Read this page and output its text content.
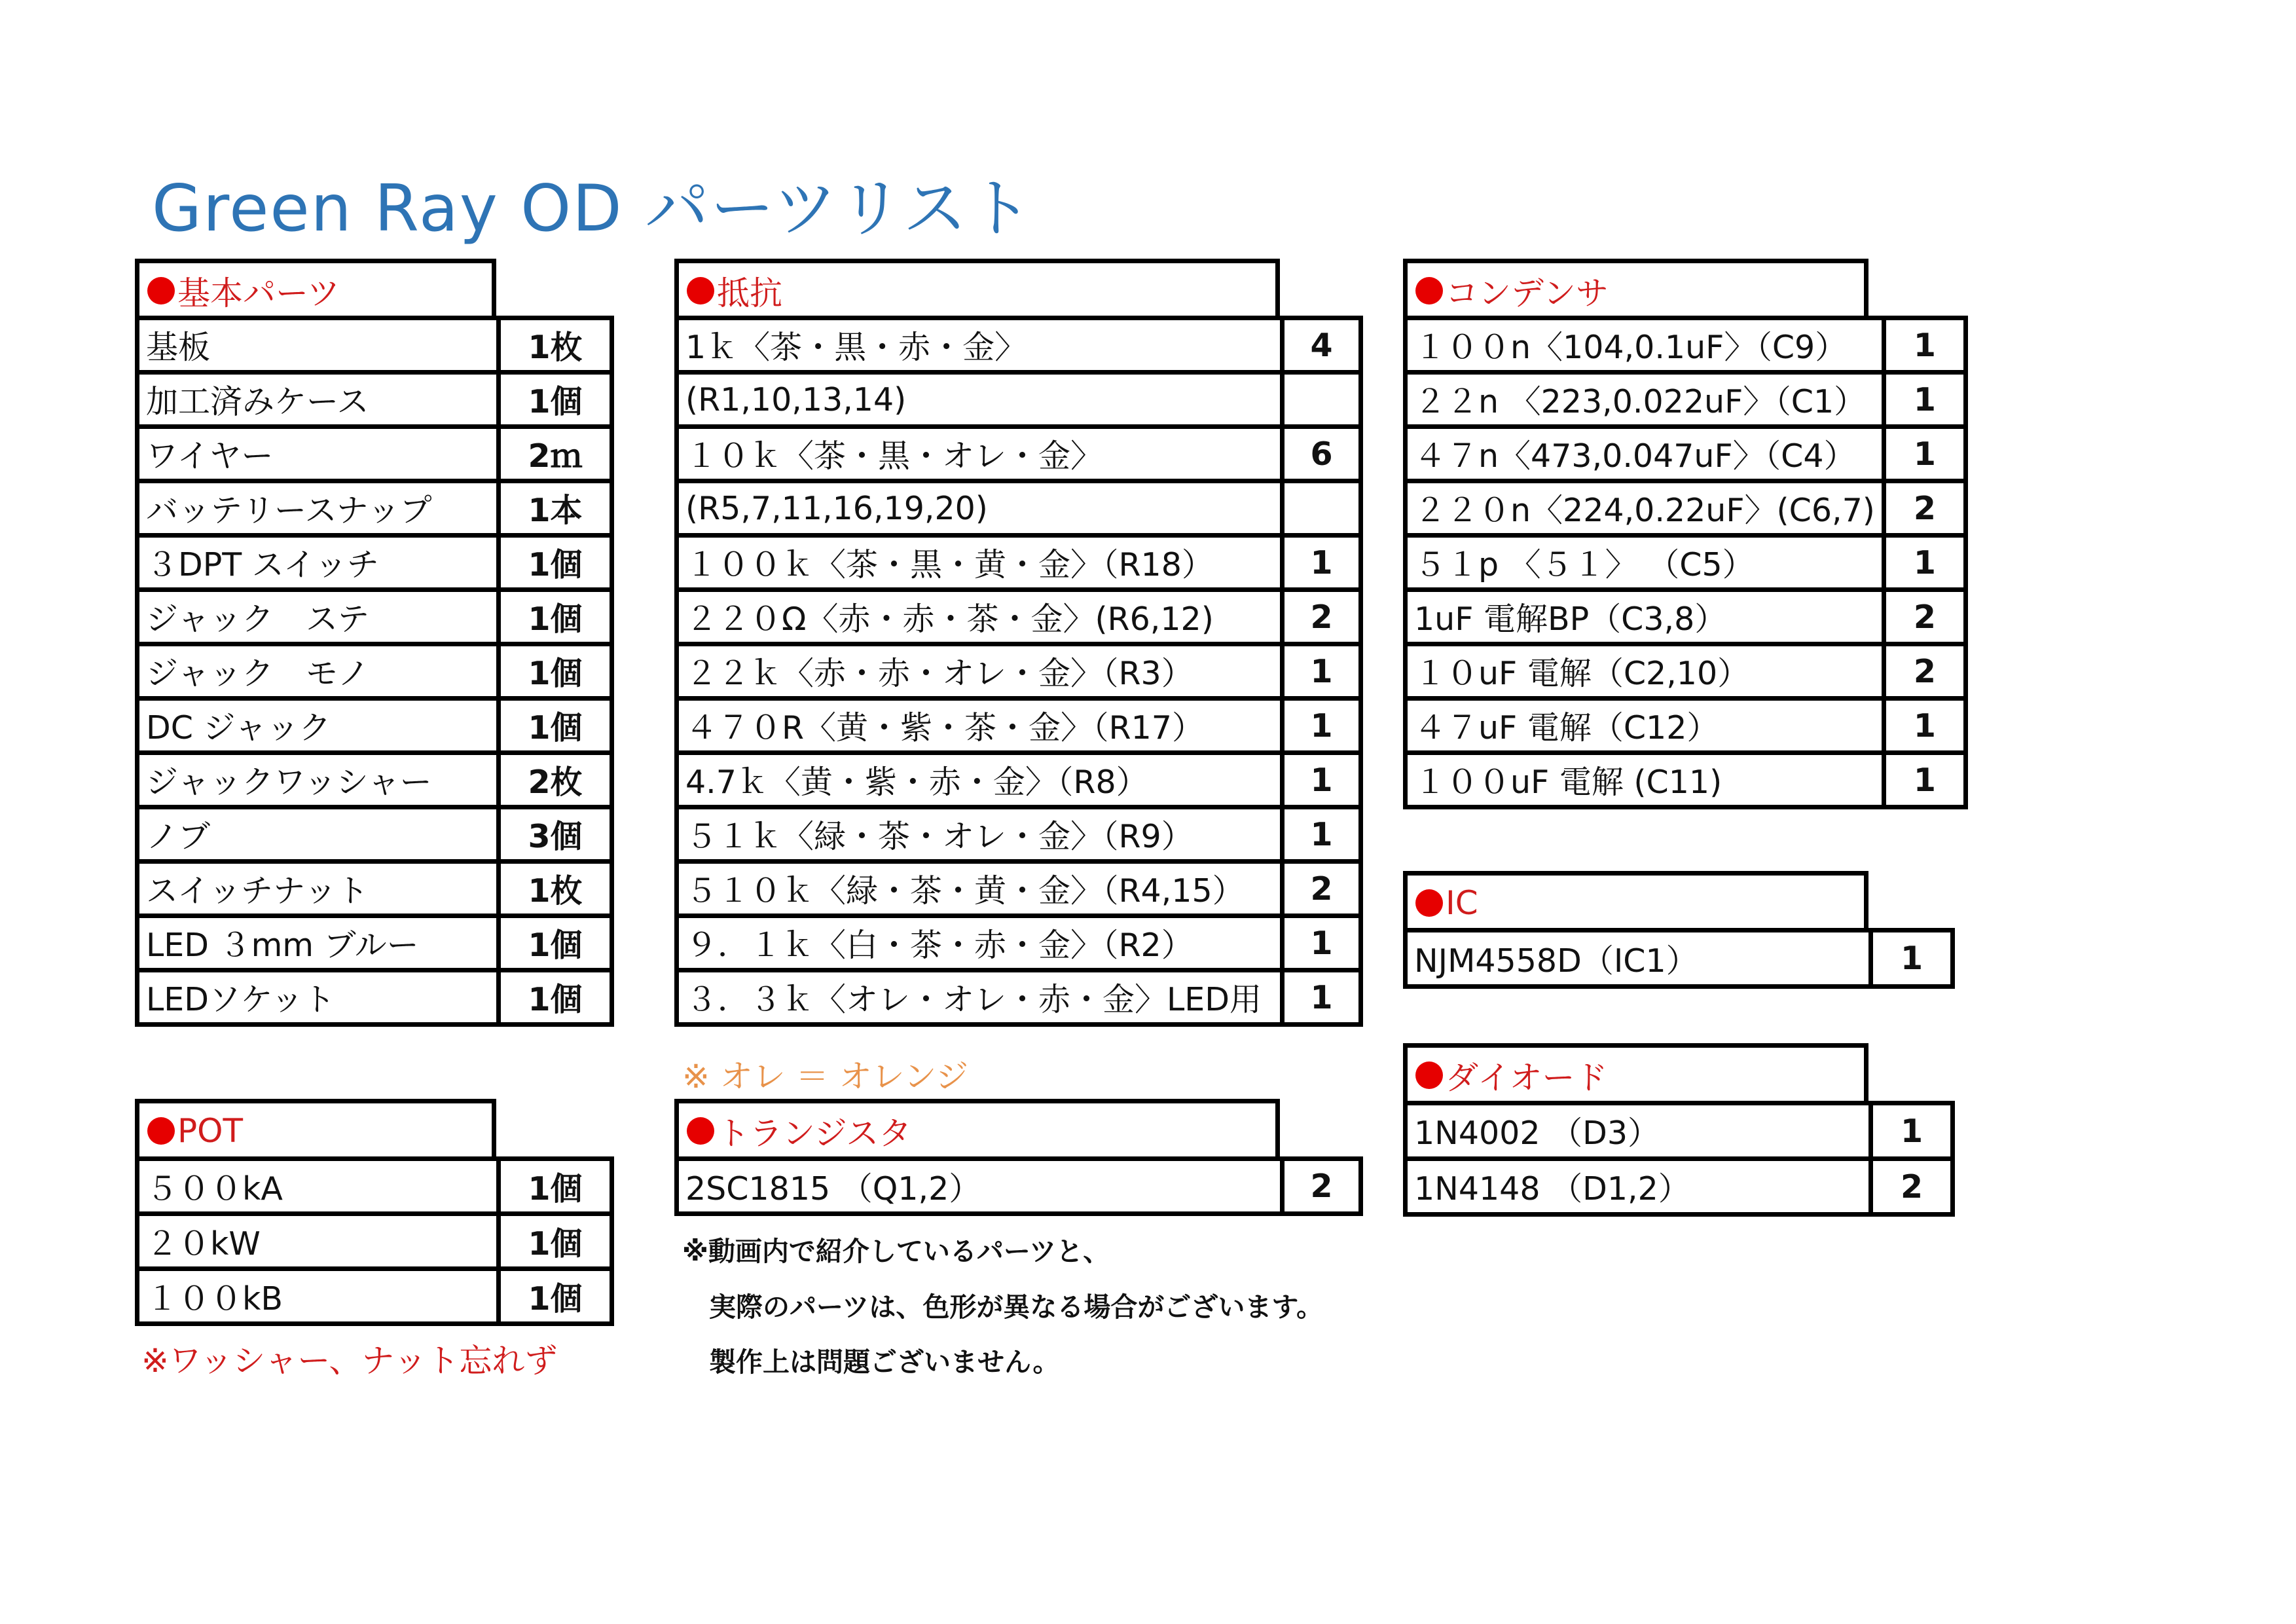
Green Ray OD パーツリスト
基本パーツ
基板	1枚
加工済みケース	1個
ワイヤー	2ｍ
バッテリースナップ	1本
３DPT スイッチ	1個
ジャック　ステ	1個
ジャック　モノ	1個
DC ジャック	1個
ジャックワッシャー	2枚
ノブ	3個
スイッチナット	1枚
LED ３mm ブルー	1個
LEDソケット	1個
POT
５００kA	1個
２０kW	1個
１００kB	1個
※ワッシャー、ナット忘れず
抵抗
1ｋ〈茶・黒・赤・金〉	4
(R1,10,13,14)	
１０ｋ〈茶・黒・オレ・金〉	6
(R5,7,11,16,19,20)	
１００ｋ〈茶・黒・黄・金〉（R18）	1
２２０Ω〈赤・赤・茶・金〉(R6,12)	2
２２ｋ〈赤・赤・オレ・金〉（R3）	1
４７０R〈黄・紫・茶・金〉（R17）	1
4.7ｋ〈黄・紫・赤・金〉（R8）	1
５１ｋ〈緑・茶・オレ・金〉（R9）	1
５１０ｋ〈緑・茶・黄・金〉（R4,15）	2
９．１ｋ〈白・茶・赤・金〉（R2）	1
３．３ｋ〈オレ・オレ・赤・金〉LED用	1
※ オレ ＝ オレンジ
トランジスタ
2SC1815 （Q1,2）	2
※動画内で紹介しているパーツと、
　実際のパーツは、色形が異なる場合がございます。
　製作上は問題ございません。
コンデンサ
１００n〈104,0.1uF〉（C9）	1
２２n 〈223,0.022uF〉（C1）	1
４７n〈473,0.047uF〉（C4）	1
２２０n〈224,0.22uF〉(C6,7)	2
５１p 〈５１〉 （C5）	1
1uF 電解BP（C3,8）	2
１０uF 電解（C2,10）	2
４７uF 電解（C12）	1
１００uF 電解 (C11)	1
IC
NJM4558D（IC1）	1
ダイオード
1N4002 （D3）	1
1N4148 （D1,2）	2
